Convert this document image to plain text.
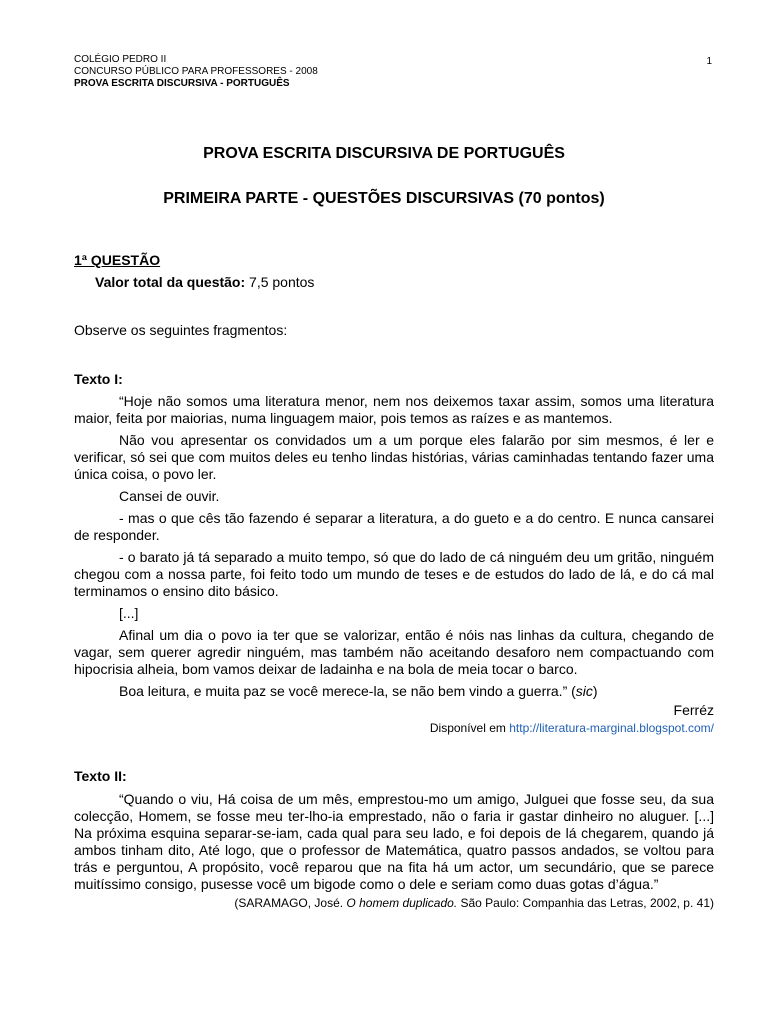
COLÉGIO PEDRO II
CONCURSO PÚBLICO PARA PROFESSORES - 2008
PROVA ESCRITA DISCURSIVA - PORTUGUÊS
1
PROVA ESCRITA DISCURSIVA DE PORTUGUÊS
PRIMEIRA PARTE - QUESTÕES DISCURSIVAS (70 pontos)
1ª QUESTÃO
Valor total da questão: 7,5 pontos
Observe os seguintes fragmentos:
Texto I:

“Hoje não somos uma literatura menor, nem nos deixemos taxar assim, somos uma literatura maior, feita por maiorias, numa linguagem maior, pois temos as raízes e as mantemos.

Não vou apresentar os convidados um a um porque eles falarão por sim mesmos, é ler e verificar, só sei que com muitos deles eu tenho lindas histórias, várias caminhadas tentando fazer uma única coisa, o povo ler.

Cansei de ouvir.

- mas o que cês tão fazendo é separar a literatura, a do gueto e a do centro. E nunca cansarei de responder.

- o barato já tá separado a muito tempo, só que do lado de cá ninguém deu um gritão, ninguém chegou com a nossa parte, foi feito todo um mundo de teses e de estudos do lado de lá, e do cá mal terminamos o ensino dito básico.

[...]

Afinal um dia o povo ia ter que se valorizar, então é nóis nas linhas da cultura, chegando de vagar, sem querer agredir ninguém, mas também não aceitando desaforo nem compactuando com hipocrisia alheia, bom vamos deixar de ladainha e na bola de meia tocar o barco.

Boa leitura, e muita paz se você merece-la, se não bem vindo a guerra.” (sic)

Ferréz
Disponível em http://literatura-marginal.blogspot.com/
Texto II:

“Quando o viu, Há coisa de um mês, emprestou-mo um amigo, Julguei que fosse seu, da sua colecção, Homem, se fosse meu ter-lho-ia emprestado, não o faria ir gastar dinheiro no aluguer. [...] Na próxima esquina separar-se-iam, cada qual para seu lado, e foi depois de lá chegarem, quando já ambos tinham dito, Até logo, que o professor de Matemática, quatro passos andados, se voltou para trás e perguntou, A propósito, você reparou que na fita há um actor, um secundário, que se parece muitíssimo consigo, pusesse você um bigode como o dele e seriam como duas gotas d’água.”

(SARAMAGO, José. O homem duplicado. São Paulo: Companhia das Letras, 2002, p. 41)
